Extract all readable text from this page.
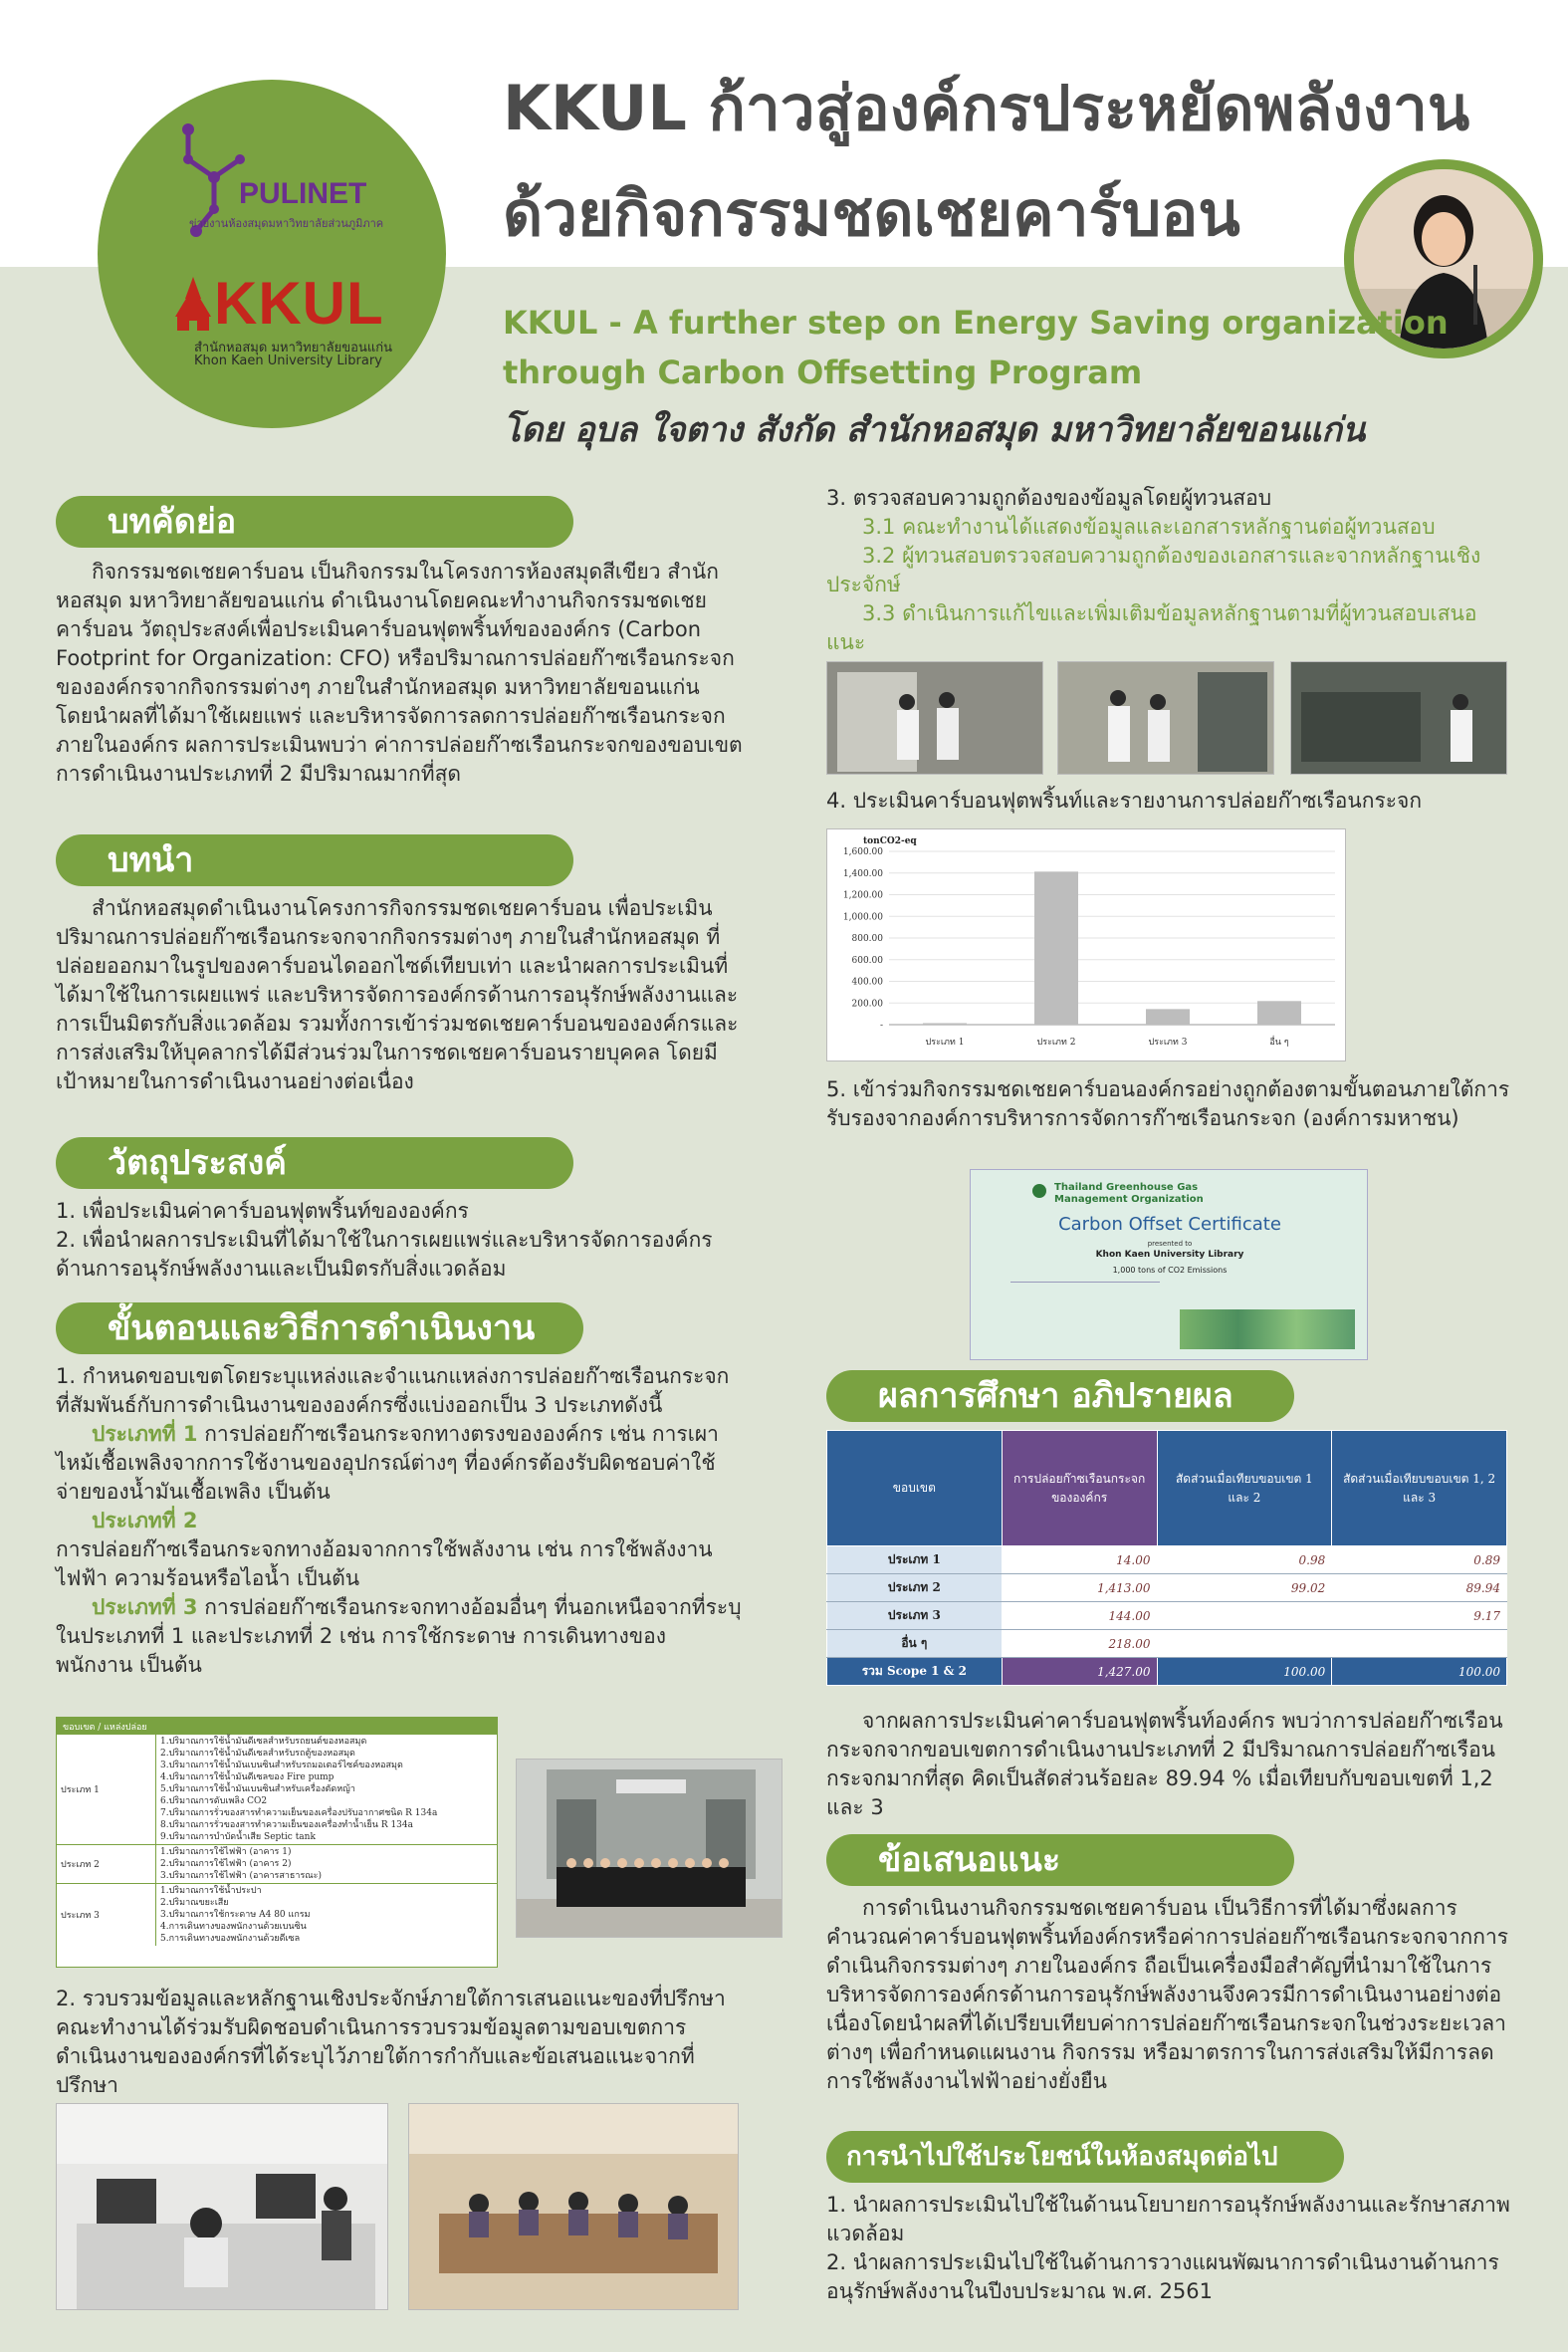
PULINET
ข่ายงานห้องสมุดมหาวิทยาลัยส่วนภูมิภาค
KKUL
สำนักหอสมุด มหาวิทยาลัยขอนแก่น
Khon Kaen University Library
KKUL ก้าวสู่องค์กรประหยัดพลังงาน
ด้วยกิจกรรมชดเชยคาร์บอน
KKUL - A further step on Energy Saving organization
through Carbon Offsetting Program
โดย อุบล ใจตาง สังกัด สำนักหอสมุด มหาวิทยาลัยขอนแก่น
บทคัดย่อ
กิจกรรมชดเชยคาร์บอน เป็นกิจกรรมในโครงการห้องสมุดสีเขียว สำนักหอสมุด มหาวิทยาลัยขอนแก่น ดำเนินงานโดยคณะทำงานกิจกรรมชดเชยคาร์บอน วัตถุประสงค์เพื่อประเมินคาร์บอนฟุตพริ้นท์ขององค์กร (Carbon Footprint for Organization: CFO) หรือปริมาณการปล่อยก๊าซเรือนกระจกขององค์กรจากกิจกรรมต่างๆ ภายในสำนักหอสมุด มหาวิทยาลัยขอนแก่น โดยนำผลที่ได้มาใช้เผยแพร่ และบริหารจัดการลดการปล่อยก๊าซเรือนกระจกภายในองค์กร ผลการประเมินพบว่า ค่าการปล่อยก๊าซเรือนกระจกของขอบเขตการดำเนินงานประเภทที่ 2 มีปริมาณมากที่สุด
บทนำ
สำนักหอสมุดดำเนินงานโครงการกิจกรรมชดเชยคาร์บอน เพื่อประเมินปริมาณการปล่อยก๊าซเรือนกระจกจากกิจกรรมต่างๆ ภายในสำนักหอสมุด ที่ปล่อยออกมาในรูปของคาร์บอนไดออกไซด์เทียบเท่า และนำผลการประเมินที่ได้มาใช้ในการเผยแพร่ และบริหารจัดการองค์กรด้านการอนุรักษ์พลังงานและการเป็นมิตรกับสิ่งแวดล้อม รวมทั้งการเข้าร่วมชดเชยคาร์บอนขององค์กรและการส่งเสริมให้บุคลากรได้มีส่วนร่วมในการชดเชยคาร์บอนรายบุคคล โดยมีเป้าหมายในการดำเนินงานอย่างต่อเนื่อง
วัตถุประสงค์

1. เพื่อประเมินค่าคาร์บอนฟุตพริ้นท์ขององค์กร

2. เพื่อนำผลการประเมินที่ได้มาใช้ในการเผยแพร่และบริหารจัดการองค์กรด้านการอนุรักษ์พลังงานและเป็นมิตรกับสิ่งแวดล้อม

ขั้นตอนและวิธีการดำเนินงาน

1. กำหนดขอบเขตโดยระบุแหล่งและจำแนกแหล่งการปล่อยก๊าซเรือนกระจกที่สัมพันธ์กับการดำเนินงานขององค์กรซึ่งแบ่งออกเป็น 3 ประเภทดังนี้

ประเภทที่ 1 การปล่อยก๊าซเรือนกระจกทางตรงขององค์กร เช่น การเผาไหม้เชื้อเพลิงจากการใช้งานของอุปกรณ์ต่างๆ ที่องค์กรต้องรับผิดชอบค่าใช้จ่ายของน้ำมันเชื้อเพลิง เป็นต้น

ประเภทที่ 2

การปล่อยก๊าซเรือนกระจกทางอ้อมจากการใช้พลังงาน เช่น การใช้พลังงานไฟฟ้า ความร้อนหรือไอน้ำ เป็นต้น

ประเภทที่ 3 การปล่อยก๊าซเรือนกระจกทางอ้อมอื่นๆ ที่นอกเหนือจากที่ระบุในประเภทที่ 1 และประเภทที่ 2 เช่น การใช้กระดาษ การเดินทางของพนักงาน เป็นต้น

ขอบเขต / แหล่งปล่อย
ประเภท 1
1.ปริมาณการใช้น้ำมันดีเซลสำหรับรถยนต์ของหอสมุด
2.ปริมาณการใช้น้ำมันดีเซลสำหรับรถตู้ของหอสมุด
3.ปริมาณการใช้น้ำมันเบนซินสำหรับรถมอเตอร์ไซค์ของหอสมุด
4.ปริมาณการใช้น้ำมันดีเซลของ Fire pump
5.ปริมาณการใช้น้ำมันเบนซินสำหรับเครื่องตัดหญ้า
6.ปริมาณการดับเพลิง CO2
7.ปริมาณการรั่วของสารทำความเย็นของเครื่องปรับอากาศชนิด R 134a
8.ปริมาณการรั่วของสารทำความเย็นของเครื่องทำน้ำเย็น R 134a
9.ปริมาณการบำบัดน้ำเสีย Septic tank
ประเภท 2
1.ปริมาณการใช้ไฟฟ้า (อาคาร 1)
2.ปริมาณการใช้ไฟฟ้า (อาคาร 2)
3.ปริมาณการใช้ไฟฟ้า (อาคารสาธารณะ)
ประเภท 3
1.ปริมาณการใช้น้ำประปา
2.ปริมาณขยะเสีย
3.ปริมาณการใช้กระดาษ A4 80 แกรม
4.การเดินทางของพนักงานด้วยเบนซิน
5.การเดินทางของพนักงานด้วยดีเซล
2. รวบรวมข้อมูลและหลักฐานเชิงประจักษ์ภายใต้การเสนอแนะของที่ปรึกษา คณะทำงานได้ร่วมรับผิดชอบดำเนินการรวบรวมข้อมูลตามขอบเขตการดำเนินงานขององค์กรที่ได้ระบุไว้ภายใต้การกำกับและข้อเสนอแนะจากที่ปรึกษา

3. ตรวจสอบความถูกต้องของข้อมูลโดยผู้ทวนสอบ

3.1 คณะทำงานได้แสดงข้อมูลและเอกสารหลักฐานต่อผู้ทวนสอบ

3.2 ผู้ทวนสอบตรวจสอบความถูกต้องของเอกสารและจากหลักฐานเชิงประจักษ์

3.3 ดำเนินการแก้ไขและเพิ่มเติมข้อมูลหลักฐานตามที่ผู้ทวนสอบเสนอแนะ

4. ประเมินคาร์บอนฟุตพริ้นท์และรายงานการปล่อยก๊าซเรือนกระจก
tonCO2-eq
-
200.00
400.00
600.00
800.00
1,000.00
1,200.00
1,400.00
1,600.00
ประเภท 1	ประเภท 2	ประเภท 3	อื่น ๆ
5. เข้าร่วมกิจกรรมชดเชยคาร์บอนองค์กรอย่างถูกต้องตามขั้นตอนภายใต้การรับรองจากองค์การบริหารการจัดการก๊าซเรือนกระจก (องค์การมหาชน)
Thailand Greenhouse Gas Management Organization
Carbon Offset Certificate
presented to
Khon Kaen University Library
1,000 tons of CO2 Emissions
ผลการศึกษา อภิปรายผล
ขอบเขต	การปล่อยก๊าซเรือนกระจกขององค์กร	สัดส่วนเมื่อเทียบขอบเขต 1 และ 2	สัดส่วนเมื่อเทียบขอบเขต 1, 2 และ 3
ประเภท 1	14.00	0.98	0.89
ประเภท 2	1,413.00	99.02	89.94
ประเภท 3	144.00		9.17
อื่น ๆ	218.00		
รวม Scope 1 & 2	1,427.00	100.00	100.00
จากผลการประเมินค่าคาร์บอนฟุตพริ้นท์องค์กร พบว่าการปล่อยก๊าซเรือนกระจกจากขอบเขตการดำเนินงานประเภทที่ 2 มีปริมาณการปล่อยก๊าซเรือนกระจกมากที่สุด คิดเป็นสัดส่วนร้อยละ 89.94 % เมื่อเทียบกับขอบเขตที่ 1,2 และ 3
ข้อเสนอแนะ
การดำเนินงานกิจกรรมชดเชยคาร์บอน เป็นวิธีการที่ได้มาซึ่งผลการคำนวณค่าคาร์บอนฟุตพริ้นท์องค์กรหรือค่าการปล่อยก๊าซเรือนกระจกจากการดำเนินกิจกรรมต่างๆ ภายในองค์กร ถือเป็นเครื่องมือสำคัญที่นำมาใช้ในการบริหารจัดการองค์กรด้านการอนุรักษ์พลังงานจึงควรมีการดำเนินงานอย่างต่อเนื่องโดยนำผลที่ได้เปรียบเทียบค่าการปล่อยก๊าซเรือนกระจกในช่วงระยะเวลาต่างๆ เพื่อกำหนดแผนงาน กิจกรรม หรือมาตรการในการส่งเสริมให้มีการลดการใช้พลังงานไฟฟ้าอย่างยั่งยืน
การนำไปใช้ประโยชน์ในห้องสมุดต่อไป

1. นำผลการประเมินไปใช้ในด้านนโยบายการอนุรักษ์พลังงานและรักษาสภาพแวดล้อม

2. นำผลการประเมินไปใช้ในด้านการวางแผนพัฒนาการดำเนินงานด้านการอนุรักษ์พลังงานในปีงบประมาณ พ.ศ. 2561
